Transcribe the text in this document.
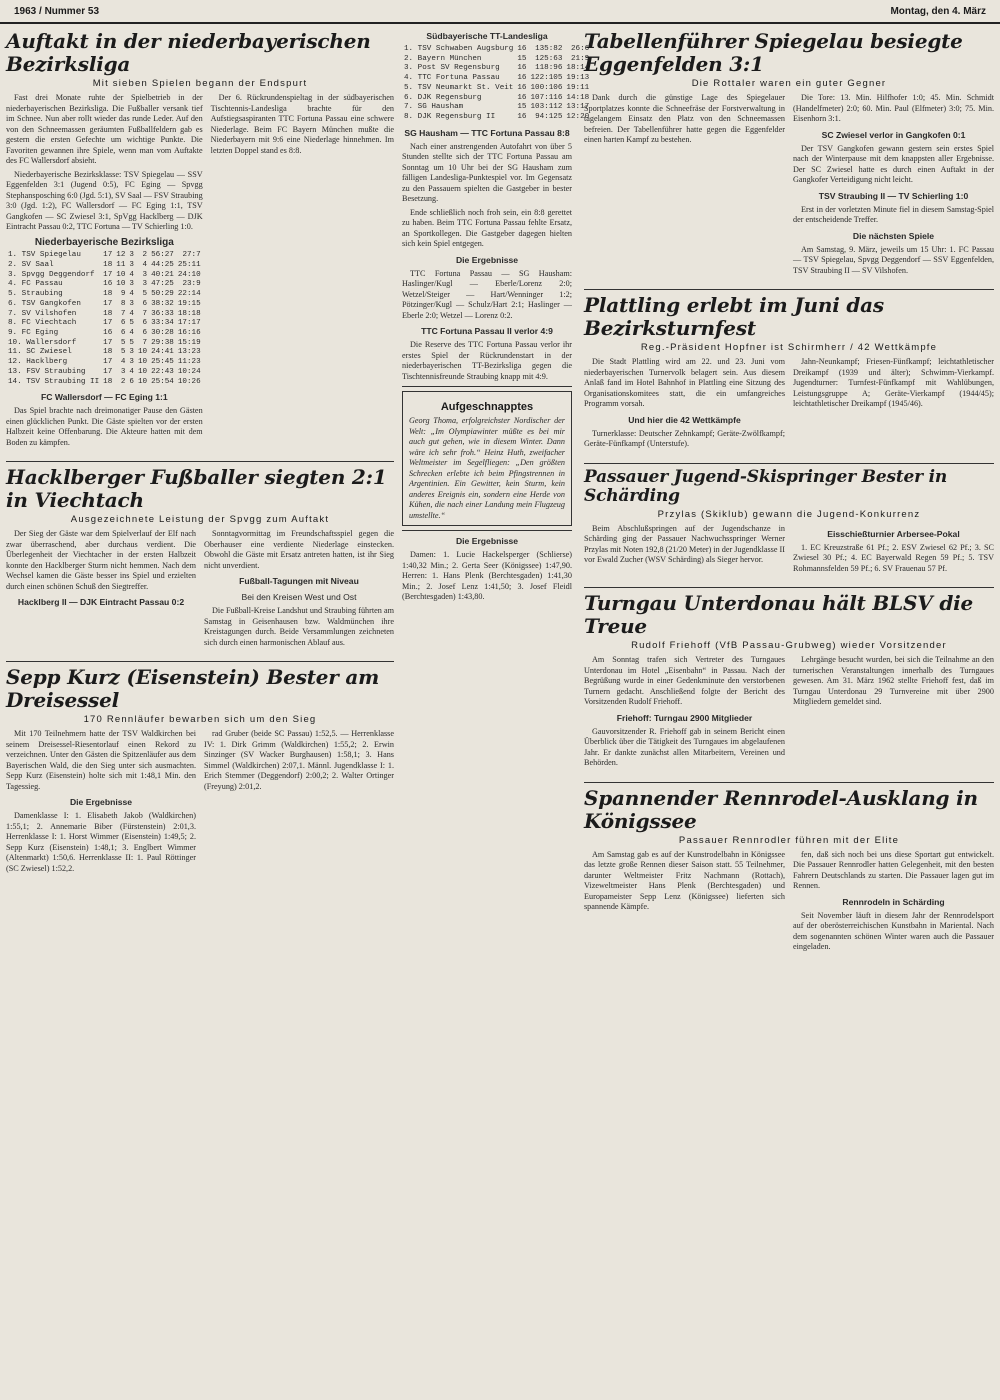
1963 / Nummer 53	Montag, den 4. März
Auftakt in der niederbayerischen Bezirksliga
Mit sieben Spielen begann der Endspurt

Fast drei Monate ruhte der Spielbetrieb in der niederbayerischen Bezirksliga. Die Fußballer versank tief im Schnee. Nun aber rollt wieder das runde Leder. Auf den von den Schneemassen geräumten Fußballfeldern gab es gestern die ersten Gefechte um wichtige Punkte. Die Favoriten gewannen ihre Spiele, wenn man vom Auftakte des FC Wallersdorf absieht.

Niederbayerische Bezirksklasse: TSV Spiegelau — SSV Eggenfelden 3:1 (Jugend 0:5), FC Eging — Spvgg Stephansposching 6:0 (Jgd. 5:1), SV Saal — FSV Straubing 3:0 (Jgd. 1:2), FC Wallersdorf — FC Eging 1:1, TSV Gangkofen — SC Zwiesel 3:1, SpVgg Hacklberg — DJK Eintracht Passau 0:2, TTC Fortuna — TV Schierling 1:0.

Niederbayerische Bezirksliga
1. TSV Spiegelau	17	12	3	2	56:27	27:7
2. SV Saal	18	11	3	4	44:25	25:11
3. Spvgg Deggendorf	17	10	4	3	40:21	24:10
4. FC Passau	16	10	3	3	47:25	23:9
5. Straubing	18	9	4	5	50:29	22:14
6. TSV Gangkofen	17	8	3	6	38:32	19:15
7. SV Vilshofen	18	7	4	7	36:33	18:18
8. FC Viechtach	17	6	5	6	33:34	17:17
9. FC Eging	16	6	4	6	30:28	16:16
10. Wallersdorf	17	5	5	7	29:38	15:19
11. SC Zwiesel	18	5	3	10	24:41	13:23
12. Hacklberg	17	4	3	10	25:45	11:23
13. FSV Straubing	17	3	4	10	22:43	10:24
14. TSV Straubing II	18	2	6	10	25:54	10:26
FC Wallersdorf — FC Eging 1:1

Das Spiel brachte nach dreimonatiger Pause den Gästen einen glücklichen Punkt. Die Gäste spielten vor der ersten Halbzeit keine Offenbarung. Die Akteure hatten mit dem Boden zu kämpfen.

Der 6. Rückrundenspieltag in der südbayerischen Tischtennis-Landesliga brachte für den Aufstiegsaspiranten TTC Fortuna Passau eine schwere Niederlage. Beim FC Bayern München mußte die Niederbayern mit 9:6 eine Niederlage hinnehmen. Im letzten Doppel stand es 8:8.

Hacklberger Fußballer siegten 2:1 in Viechtach
Ausgezeichnete Leistung der Spvgg zum Auftakt

Der Sieg der Gäste war dem Spielverlauf der Elf nach zwar überraschend, aber durchaus verdient. Die Überlegenheit der Viechtacher in der ersten Halbzeit konnte den Hacklberger Sturm nicht hemmen. Nach dem Wechsel kamen die Gäste besser ins Spiel und erzielten durch einen schönen Schuß den Siegtreffer.

Hacklberg II — DJK Eintracht Passau 0:2

Sonntagvormittag im Freundschaftsspiel gegen die Oberhauser eine verdiente Niederlage einstecken. Obwohl die Gäste mit Ersatz antreten hatten, ist ihr Sieg nicht unverdient.

Fußball-Tagungen mit Niveau
Bei den Kreisen West und Ost

Die Fußball-Kreise Landshut und Straubing führten am Samstag in Geisenhausen bzw. Waldmünchen ihre Kreistagungen durch. Beide Versammlungen zeichneten sich durch einen harmonischen Ablauf aus.

Sepp Kurz (Eisenstein) Bester am Dreisessel
170 Rennläufer bewarben sich um den Sieg

Mit 170 Teilnehmern hatte der TSV Waldkirchen bei seinem Dreisessel-Riesentorlauf einen Rekord zu verzeichnen. Unter den Gästen die Spitzenläufer aus dem Bayerischen Wald, die den Sieg unter sich ausmachten. Sepp Kurz (Eisenstein) holte sich mit 1:48,1 Min. den Tagessieg.

Die Ergebnisse

Damenklasse I: 1. Elisabeth Jakob (Waldkirchen) 1:55,1; 2. Annemarie Biber (Fürstenstein) 2:01,3. Herrenklasse I: 1. Horst Wimmer (Eisenstein) 1:49,5; 2. Sepp Kurz (Eisenstein) 1:48,1; 3. Englbert Wimmer (Altenmarkt) 1:50,6. Herrenklasse II: 1. Paul Röttinger (SC Zwiesel) 1:52,2.

rad Gruber (beide SC Passau) 1:52,5. — Herrenklasse IV: 1. Dirk Grimm (Waldkirchen) 1:55,2; 2. Erwin Sinzinger (SV Wacker Burghausen) 1:58,1; 3. Hans Simmel (Waldkirchen) 2:07,1. Männl. Jugendklasse I: 1. Erich Stemmer (Deggendorf) 2:00,2; 2. Walter Ortinger (Freyung) 2:01,2.

Südbayerische TT-Landesliga
1. TSV Schwaben Augsburg	16	135:82	26:6
2. Bayern München	15	125:63	21:9
3. Post SV Regensburg	16	118:96	18:14
4. TTC Fortuna Passau	16	122:105	19:13
5. TSV Neumarkt St. Veit	16	100:106	19:11
6. DJK Regensburg	16	107:116	14:18
7. SG Hausham	15	103:112	13:17
8. DJK Regensburg II	16	94:125	12:20
SG Hausham — TTC Fortuna Passau 8:8

Nach einer anstrengenden Autofahrt von über 5 Stunden stellte sich der TTC Fortuna Passau am Sonntag um 10 Uhr bei der SG Hausham zum fälligen Landesliga-Punktespiel vor. Im Gegensatz zu den Passauern spielten die Gastgeber in bester Besetzung.

Ende schließlich noch froh sein, ein 8:8 gerettet zu haben. Beim TTC Fortuna Passau fehlte Ersatz, an Sportkollegen. Die Gastgeber dagegen hielten sich kein Spiel entgegen.

Die Ergebnisse

TTC Fortuna Passau — SG Hausham: Haslinger/Kugl — Eberle/Lorenz 2:0; Wetzel/Steiger — Hart/Wenninger 1:2; Pötzinger/Kugl — Schulz/Hart 2:1; Haslinger — Eberle 2:0; Wetzel — Lorenz 0:2.

TTC Fortuna Passau II verlor 4:9

Die Reserve des TTC Fortuna Passau verlor ihr erstes Spiel der Rückrundenstart in der niederbayerischen TT-Bezirksliga gegen die Tischtennisfreunde Straubing knapp mit 4:9.

Aufgeschnapptes
Georg Thoma, erfolgreichster Nordischer der Welt: „Im Olympiawinter müßte es bei mir auch gut gehen, wie in diesem Winter. Dann wäre ich sehr froh.“ Heinz Huth, zweifacher Weltmeister im Segelfliegen: „Den größten Schrecken erlebte ich beim Pfingstrennen in Argentinien. Ein Gewitter, kein Sturm, kein anderes Ereignis ein, sondern eine Herde von Kühen, die nach einer Landung mein Flugzeug umstellte.“
Die Ergebnisse

Damen: 1. Lucie Hackelsperger (Schlierse) 1:40,32 Min.; 2. Gerta Seer (Königssee) 1:47,90. Herren: 1. Hans Plenk (Berchtesgaden) 1:41,30 Min.; 2. Josef Lenz 1:41,50; 3. Josef Fleidl (Berchtesgaden) 1:43,80.

Tabellenführer Spiegelau besiegte Eggenfelden 3:1
Die Rottaler waren ein guter Gegner

Dank durch die günstige Lage des Spiegelauer Sportplatzes konnte die Schneefräse der Forstverwaltung in tagelangem Einsatz den Platz von den Schneemassen befreien. Der Tabellenführer hatte gegen die Eggenfelder einen harten Kampf zu bestehen.

Die Tore: 13. Min. Hilfhofer 1:0; 45. Min. Schmidt (Handelfmeter) 2:0; 60. Min. Paul (Elfmeter) 3:0; 75. Min. Eisenhorn 3:1.

SC Zwiesel verlor in Gangkofen 0:1

Der TSV Gangkofen gewann gestern sein erstes Spiel nach der Winterpause mit dem knappsten aller Ergebnisse. Der SC Zwiesel hatte es durch einen Auftakt in der Gangkofer Verteidigung nicht leicht.

TSV Straubing II — TV Schierling 1:0

Erst in der vorletzten Minute fiel in diesem Samstag-Spiel der entscheidende Treffer.

Die nächsten Spiele

Am Samstag, 9. März, jeweils um 15 Uhr: 1. FC Passau — TSV Spiegelau, Spvgg Deggendorf — SSV Eggenfelden, TSV Straubing II — SV Vilshofen.

Plattling erlebt im Juni das Bezirksturnfest
Reg.-Präsident Hopfner ist Schirmherr / 42 Wettkämpfe

Die Stadt Plattling wird am 22. und 23. Juni vom niederbayerischen Turnervolk belagert sein. Aus diesem Anlaß fand im Hotel Bahnhof in Plattling eine Sitzung des Organisationskomitees statt, die ein umfangreiches Programm vorsah.

Und hier die 42 Wettkämpfe

Turnerklasse: Deutscher Zehnkampf; Geräte-Zwölfkampf; Geräte-Fünfkampf (Unterstufe).

Jahn-Neunkampf; Friesen-Fünfkampf; leichtathletischer Dreikampf (1939 und älter); Schwimm-Vierkampf. Jugendturner: Turnfest-Fünfkampf mit Wahlübungen, Leistungsgruppe A; Geräte-Vierkampf (1944/45); leichtathletischer Dreikampf (1945/46).

Passauer Jugend-Skispringer Bester in Schärding
Przylas (Skiklub) gewann die Jugend-Konkurrenz

Beim Abschlußspringen auf der Jugendschanze in Schärding ging der Passauer Nachwuchsspringer Werner Przylas mit Noten 192,8 (21/20 Meter) in der Jugendklasse II vor Ewald Zucher (WSV Schärding) als Sieger hervor.

Eisschießturnier Arbersee-Pokal

1. EC Kreuzstraße 61 Pf.; 2. ESV Zwiesel 62 Pf.; 3. SC Zwiesel 30 Pf.; 4. EC Bayerwald Regen 59 Pf.; 5. TSV Rohmannsfelden 59 Pf.; 6. SV Frauenau 57 Pf.

Turngau Unterdonau hält BLSV die Treue
Rudolf Friehoff (VfB Passau-Grubweg) wieder Vorsitzender

Am Sonntag trafen sich Vertreter des Turngaues Unterdonau im Hotel „Eisenbahn“ in Passau. Nach der Begrüßung wurde in einer Gedenkminute den verstorbenen Turnern gedacht. Anschließend folgte der Bericht des Vorsitzenden Rudolf Friehoff.

Friehoff: Turngau 2900 Mitglieder

Gauvorsitzender R. Friehoff gab in seinem Bericht einen Überblick über die Tätigkeit des Turngaues im abgelaufenen Jahr. Er dankte zunächst allen Mitarbeitern, Vereinen und Behörden.

Lehrgänge besucht wurden, bei sich die Teilnahme an den turnerischen Veranstaltungen innerhalb des Turngaues gewesen. Am 31. März 1962 stellte Friehoff fest, daß im Turngau Unterdonau 29 Turnvereine mit über 2900 Mitgliedern gemeldet sind.

Spannender Rennrodel-Ausklang in Königssee
Passauer Rennrodler führen mit der Elite

Am Samstag gab es auf der Kunstrodelbahn in Königssee das letzte große Rennen dieser Saison statt. 55 Teilnehmer, darunter Weltmeister Fritz Nachmann (Rottach), Vizeweltmeister Hans Plenk (Berchtesgaden) und Europameister Sepp Lenz (Königssee) lieferten sich spannende Kämpfe.

fen, daß sich noch bei uns diese Sportart gut entwickelt. Die Passauer Rennrodler hatten Gelegenheit, mit den besten Fahrern Deutschlands zu starten. Die Passauer lagen gut im Rennen.

Rennrodeln in Schärding

Seit November läuft in diesem Jahr der Rennrodelsport auf der oberösterreichischen Kunstbahn in Mariental. Nach dem sogenannten schönen Winter waren auch die Passauer eingeladen.
